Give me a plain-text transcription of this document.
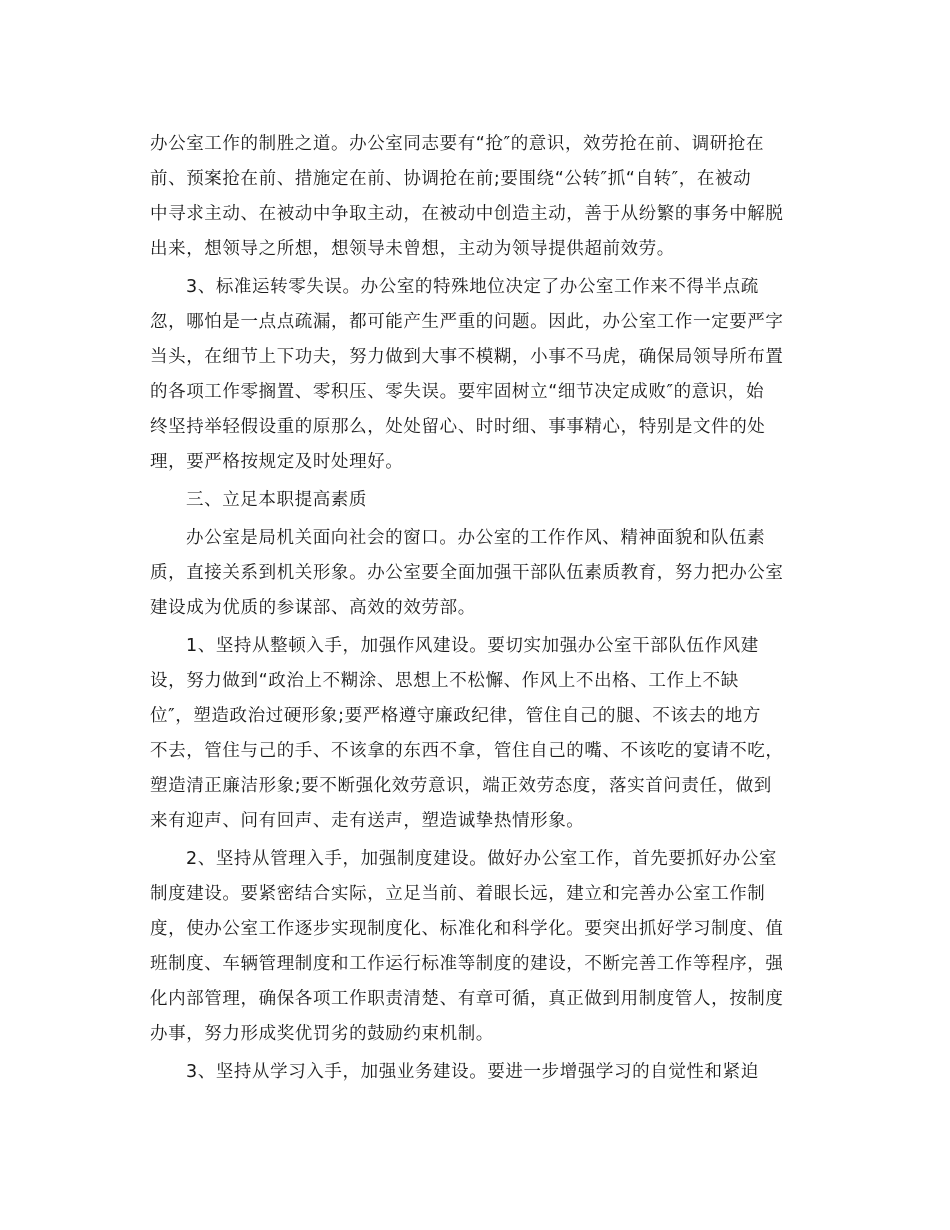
办公室工作的制胜之道。办公室同志要有“抢″的意识，效劳抢在前、调研抢在
前、预案抢在前、措施定在前、协调抢在前;要围绕“公转″抓“自转″，在被动
中寻求主动、在被动中争取主动，在被动中创造主动，善于从纷繁的事务中解脱
出来，想领导之所想，想领导未曾想，主动为领导提供超前效劳。
3、标准运转零失误。办公室的特殊地位决定了办公室工作来不得半点疏
忽，哪怕是一点点疏漏，都可能产生严重的问题。因此，办公室工作一定要严字
当头，在细节上下功夫，努力做到大事不模糊，小事不马虎，确保局领导所布置
的各项工作零搁置、零积压、零失误。要牢固树立“细节决定成败″的意识，始
终坚持举轻假设重的原那么，处处留心、时时细、事事精心，特别是文件的处
理，要严格按规定及时处理好。
三、立足本职提高素质
办公室是局机关面向社会的窗口。办公室的工作作风、精神面貌和队伍素
质，直接关系到机关形象。办公室要全面加强干部队伍素质教育，努力把办公室
建设成为优质的参谋部、高效的效劳部。
1、坚持从整顿入手，加强作风建设。要切实加强办公室干部队伍作风建
设，努力做到“政治上不糊涂、思想上不松懈、作风上不出格、工作上不缺
位″，塑造政治过硬形象;要严格遵守廉政纪律，管住自己的腿、不该去的地方
不去，管住与己的手、不该拿的东西不拿，管住自己的嘴、不该吃的宴请不吃，
塑造清正廉洁形象;要不断强化效劳意识，端正效劳态度，落实首问责任，做到
来有迎声、问有回声、走有送声，塑造诚挚热情形象。
2、坚持从管理入手，加强制度建设。做好办公室工作，首先要抓好办公室
制度建设。要紧密结合实际，立足当前、着眼长远，建立和完善办公室工作制
度，使办公室工作逐步实现制度化、标准化和科学化。要突出抓好学习制度、值
班制度、车辆管理制度和工作运行标准等制度的建设，不断完善工作等程序，强
化内部管理，确保各项工作职责清楚、有章可循，真正做到用制度管人，按制度
办事，努力形成奖优罚劣的鼓励约束机制。
3、坚持从学习入手，加强业务建设。要进一步增强学习的自觉性和紧迫
